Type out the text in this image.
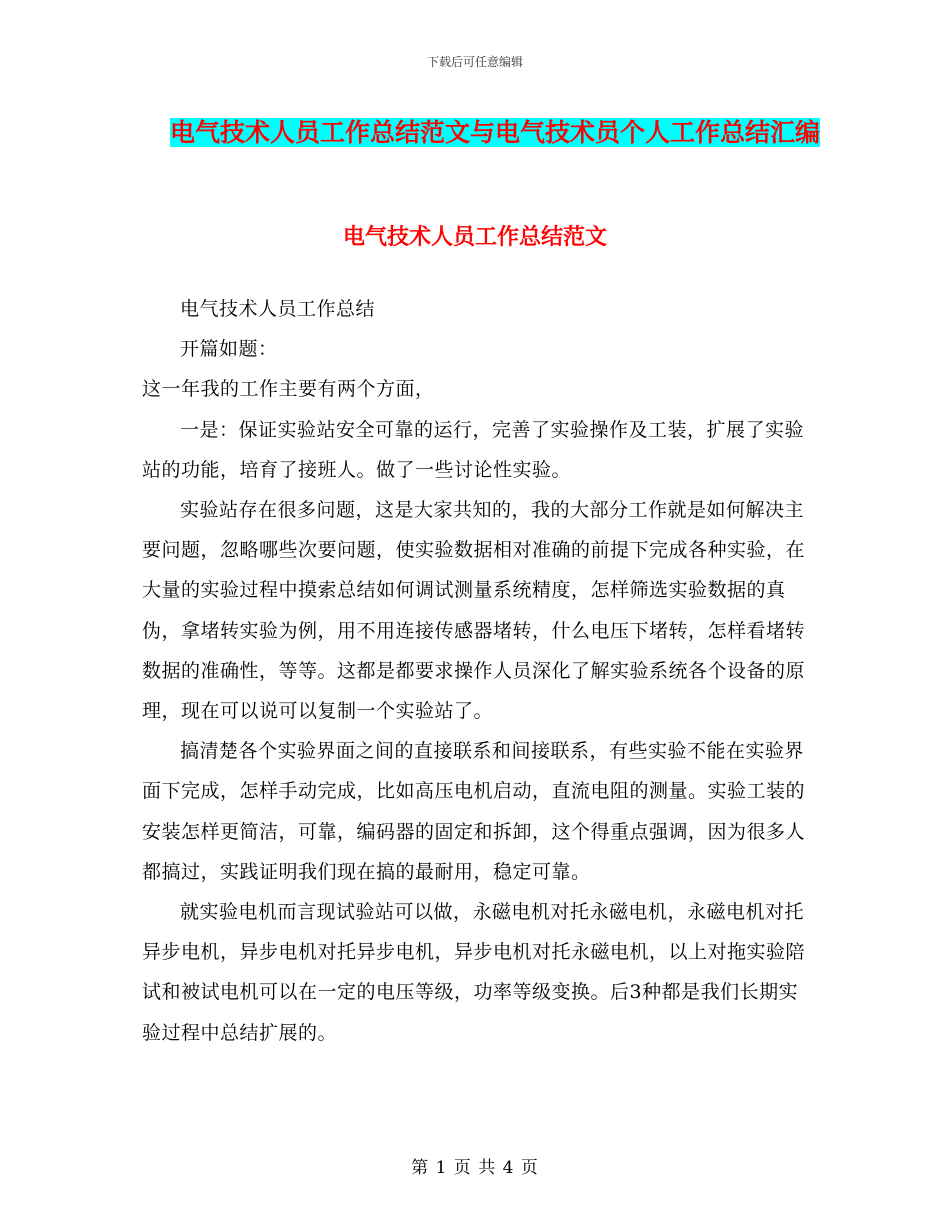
下载后可任意编辑
电气技术人员工作总结范文与电气技术员个人工作总结汇编
电气技术人员工作总结范文

电气技术人员工作总结

开篇如题：

这一年我的工作主要有两个方面，

一是：保证实验站安全可靠的运行，完善了实验操作及工装，扩展了实验站的功能，培育了接班人。做了一些讨论性实验。

实验站存在很多问题，这是大家共知的，我的大部分工作就是如何解决主要问题，忽略哪些次要问题，使实验数据相对准确的前提下完成各种实验，在大量的实验过程中摸索总结如何调试测量系统精度，怎样筛选实验数据的真伪，拿堵转实验为例，用不用连接传感器堵转，什么电压下堵转，怎样看堵转数据的准确性，等等。这都是都要求操作人员深化了解实验系统各个设备的原理，现在可以说可以复制一个实验站了。

搞清楚各个实验界面之间的直接联系和间接联系，有些实验不能在实验界面下完成，怎样手动完成，比如高压电机启动，直流电阻的测量。实验工装的安装怎样更简洁，可靠，编码器的固定和拆卸，这个得重点强调，因为很多人都搞过，实践证明我们现在搞的最耐用，稳定可靠。

就实验电机而言现试验站可以做，永磁电机对托永磁电机，永磁电机对托异步电机，异步电机对托异步电机，异步电机对托永磁电机，以上对拖实验陪试和被试电机可以在一定的电压等级，功率等级变换。后3种都是我们长期实验过程中总结扩展的。

第 1 页 共 4 页
